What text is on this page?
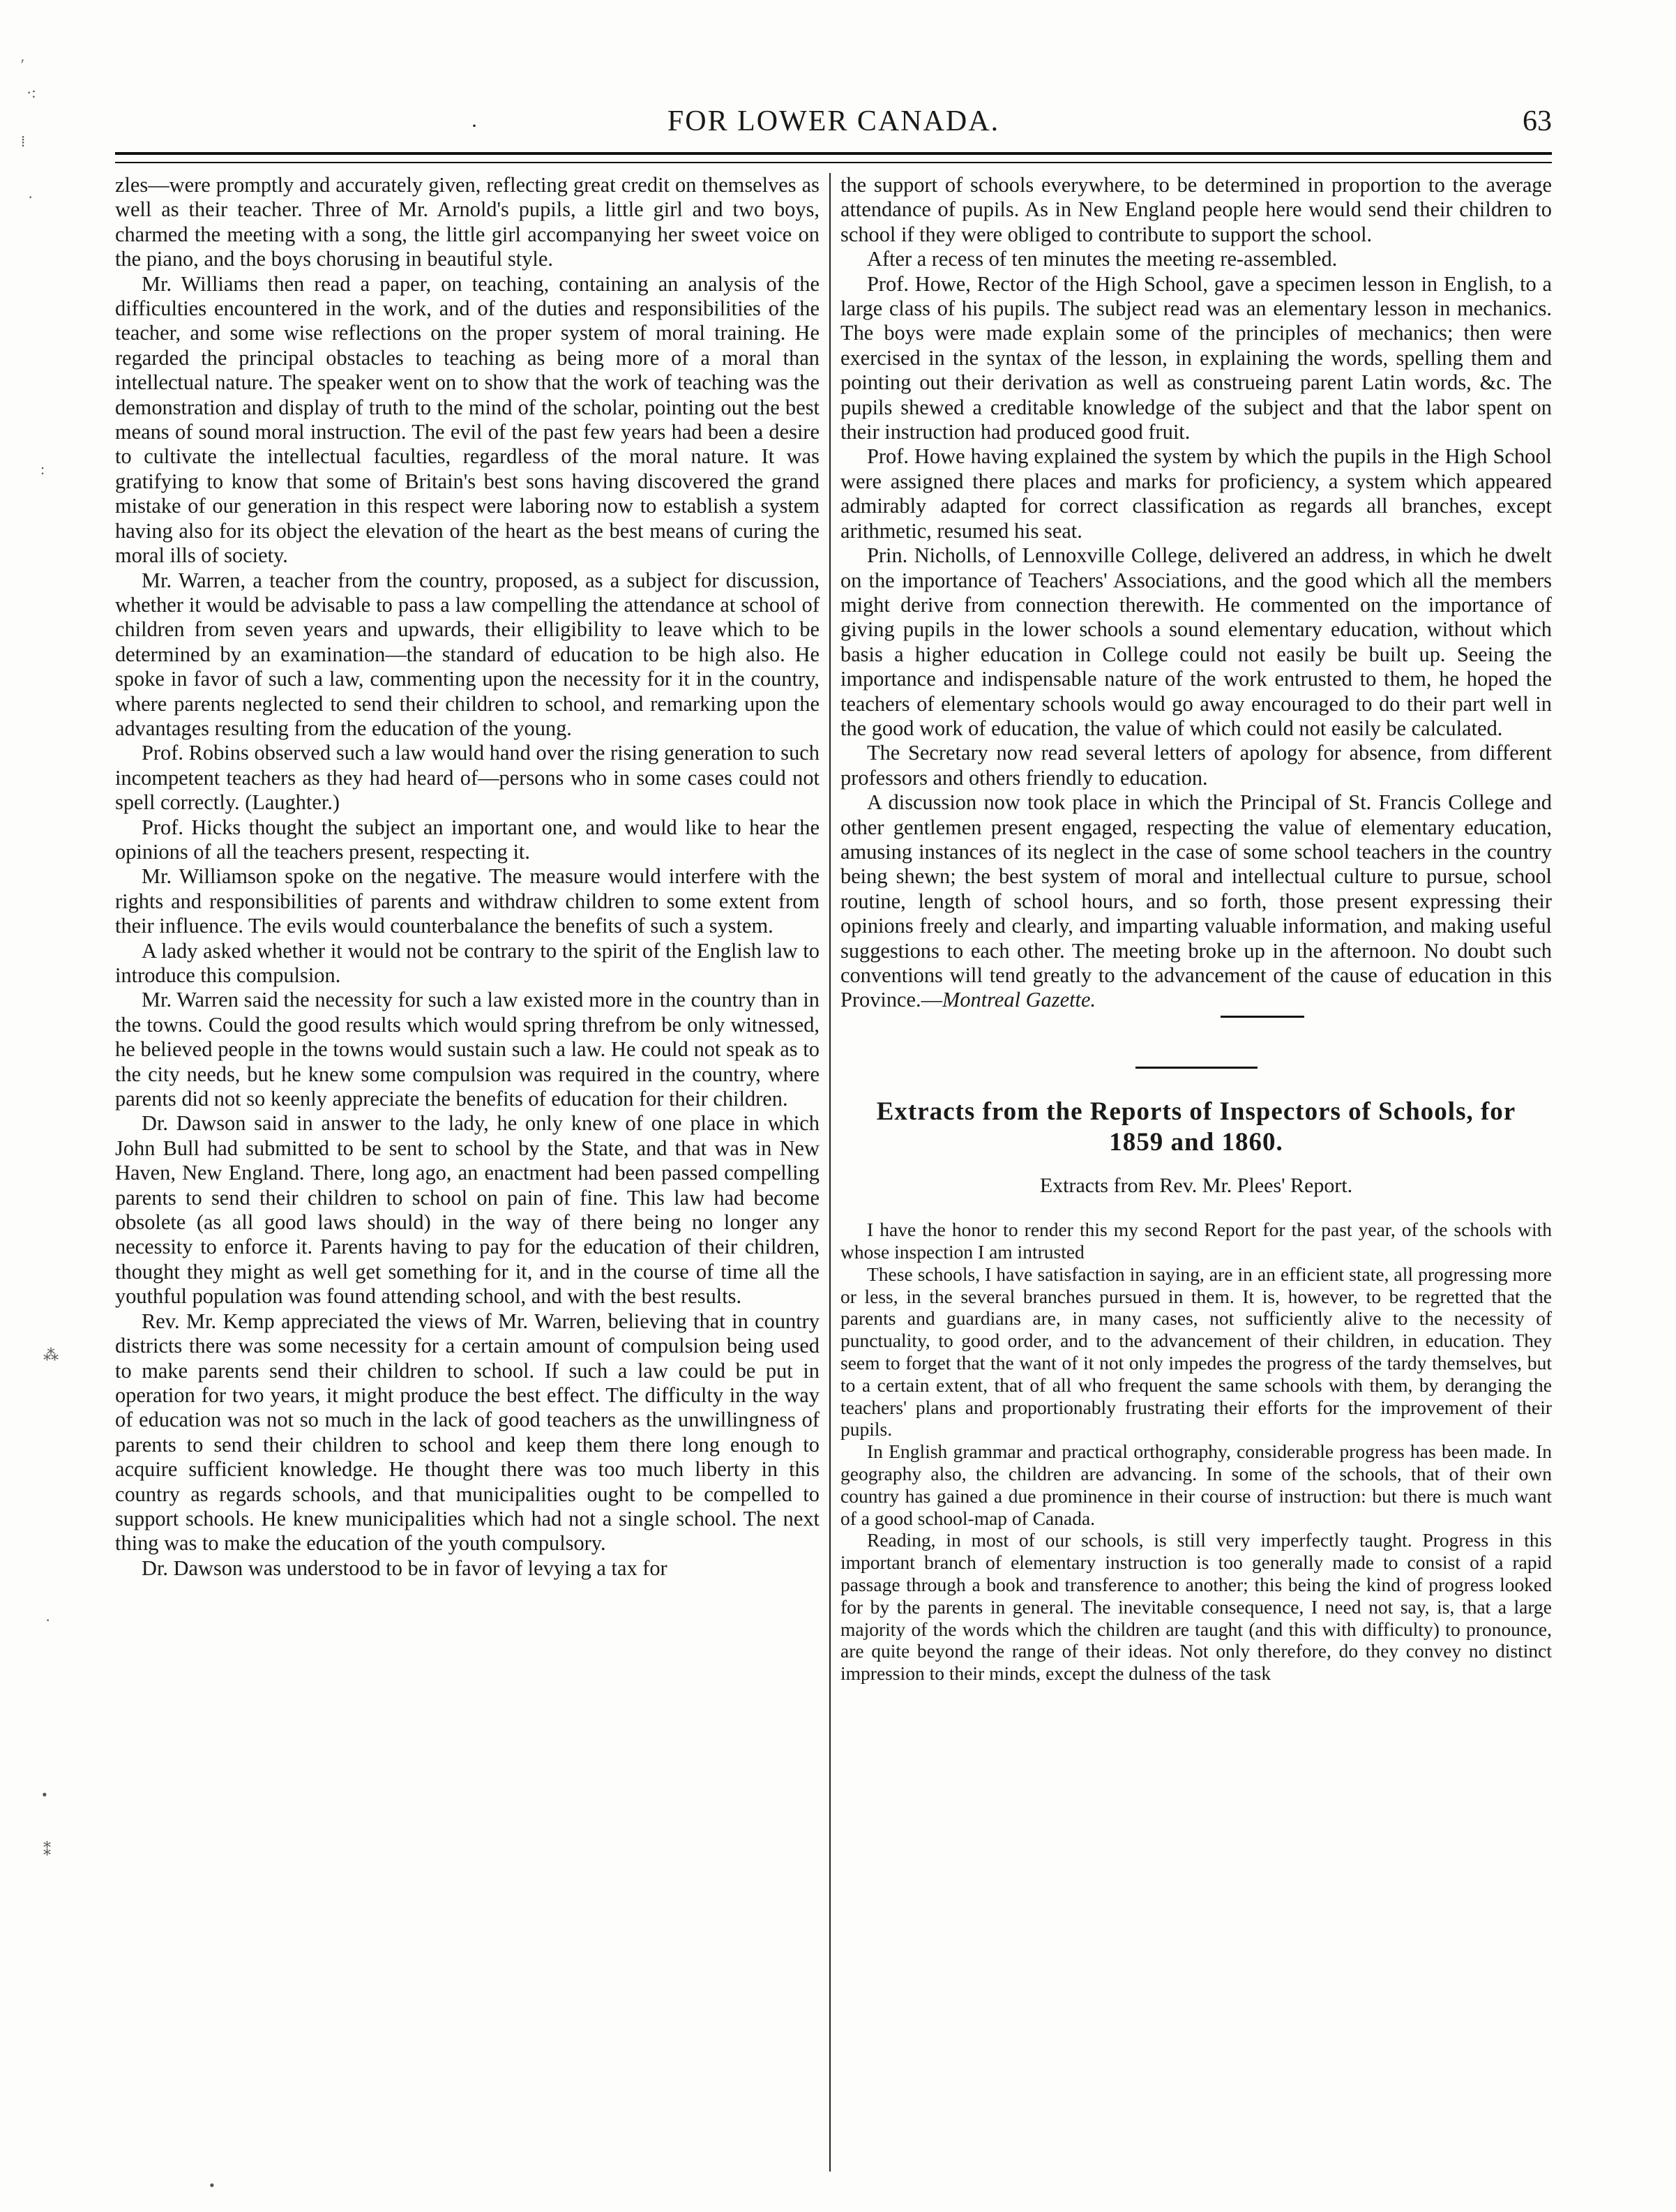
ʹ
·:
⁞
·
:
⁂
·
•
⁑
•
·	FOR LOWER CANADA.	63

zles—were promptly and accurately given, reflecting great credit on themselves as well as their teacher. Three of Mr. Arnold's pupils, a little girl and two boys, charmed the meeting with a song, the little girl accompanying her sweet voice on the piano, and the boys chorusing in beautiful style.

Mr. Williams then read a paper, on teaching, containing an analysis of the difficulties encountered in the work, and of the duties and responsibilities of the teacher, and some wise reflections on the proper system of moral training. He regarded the principal obstacles to teaching as being more of a moral than intellectual nature. The speaker went on to show that the work of teaching was the demonstration and display of truth to the mind of the scholar, pointing out the best means of sound moral instruction. The evil of the past few years had been a desire to cultivate the intellectual faculties, regardless of the moral nature. It was gratifying to know that some of Britain's best sons having discovered the grand mistake of our generation in this respect were laboring now to establish a system having also for its object the elevation of the heart as the best means of curing the moral ills of society.

Mr. Warren, a teacher from the country, proposed, as a subject for discussion, whether it would be advisable to pass a law compelling the attendance at school of children from seven years and upwards, their elligibility to leave which to be determined by an examination—the standard of education to be high also. He spoke in favor of such a law, commenting upon the necessity for it in the country, where parents neglected to send their children to school, and remarking upon the advantages resulting from the education of the young.

Prof. Robins observed such a law would hand over the rising generation to such incompetent teachers as they had heard of—persons who in some cases could not spell correctly. (Laughter.)

Prof. Hicks thought the subject an important one, and would like to hear the opinions of all the teachers present, respecting it.

Mr. Williamson spoke on the negative. The measure would interfere with the rights and responsibilities of parents and withdraw children to some extent from their influence. The evils would counterbalance the benefits of such a system.

A lady asked whether it would not be contrary to the spirit of the English law to introduce this compulsion.

Mr. Warren said the necessity for such a law existed more in the country than in the towns. Could the good results which would spring threfrom be only witnessed, he believed people in the towns would sustain such a law. He could not speak as to the city needs, but he knew some compulsion was required in the country, where parents did not so keenly appreciate the benefits of education for their children.

Dr. Dawson said in answer to the lady, he only knew of one place in which John Bull had submitted to be sent to school by the State, and that was in New Haven, New England. There, long ago, an enactment had been passed compelling parents to send their children to school on pain of fine. This law had become obsolete (as all good laws should) in the way of there being no longer any necessity to enforce it. Parents having to pay for the education of their children, thought they might as well get something for it, and in the course of time all the youthful population was found attending school, and with the best results.

Rev. Mr. Kemp appreciated the views of Mr. Warren, believing that in country districts there was some necessity for a certain amount of compulsion being used to make parents send their children to school. If such a law could be put in operation for two years, it might produce the best effect. The difficulty in the way of education was not so much in the lack of good teachers as the unwillingness of parents to send their children to school and keep them there long enough to acquire sufficient knowledge. He thought there was too much liberty in this country as regards schools, and that municipalities ought to be compelled to support schools. He knew municipalities which had not a single school. The next thing was to make the education of the youth compulsory.

Dr. Dawson was understood to be in favor of levying a tax for

the support of schools everywhere, to be determined in proportion to the average attendance of pupils. As in New England people here would send their children to school if they were obliged to contribute to support the school.

After a recess of ten minutes the meeting re-assembled.

Prof. Howe, Rector of the High School, gave a specimen lesson in English, to a large class of his pupils. The subject read was an elementary lesson in mechanics. The boys were made explain some of the principles of mechanics; then were exercised in the syntax of the lesson, in explaining the words, spelling them and pointing out their derivation as well as construeing parent Latin words, &c. The pupils shewed a creditable knowledge of the subject and that the labor spent on their instruction had produced good fruit.

Prof. Howe having explained the system by which the pupils in the High School were assigned there places and marks for proficiency, a system which appeared admirably adapted for correct classification as regards all branches, except arithmetic, resumed his seat.

Prin. Nicholls, of Lennoxville College, delivered an address, in which he dwelt on the importance of Teachers' Associations, and the good which all the members might derive from connection therewith. He commented on the importance of giving pupils in the lower schools a sound elementary education, without which basis a higher education in College could not easily be built up. Seeing the importance and indispensable nature of the work entrusted to them, he hoped the teachers of elementary schools would go away encouraged to do their part well in the good work of education, the value of which could not easily be calculated.

The Secretary now read several letters of apology for absence, from different professors and others friendly to education.

A discussion now took place in which the Principal of St. Francis College and other gentlemen present engaged, respecting the value of elementary education, amusing instances of its neglect in the case of some school teachers in the country being shewn; the best system of moral and intellectual culture to pursue, school routine, length of school hours, and so forth, those present expressing their opinions freely and clearly, and imparting valuable information, and making useful suggestions to each other. The meeting broke up in the afternoon. No doubt such conventions will tend greatly to the advancement of the cause of education in this Province.—Montreal Gazette.

Extracts from the Reports of Inspectors of Schools, for 1859 and 1860.
Extracts from Rev. Mr. Plees' Report.

I have the honor to render this my second Report for the past year, of the schools with whose inspection I am intrusted

These schools, I have satisfaction in saying, are in an efficient state, all progressing more or less, in the several branches pursued in them. It is, however, to be regretted that the parents and guardians are, in many cases, not sufficiently alive to the necessity of punctuality, to good order, and to the advancement of their children, in education. They seem to forget that the want of it not only impedes the progress of the tardy themselves, but to a certain extent, that of all who frequent the same schools with them, by deranging the teachers' plans and proportionably frustrating their efforts for the improvement of their pupils.

In English grammar and practical orthography, considerable progress has been made. In geography also, the children are advancing. In some of the schools, that of their own country has gained a due prominence in their course of instruction: but there is much want of a good school-map of Canada.

Reading, in most of our schools, is still very imperfectly taught. Progress in this important branch of elementary instruction is too generally made to consist of a rapid passage through a book and transference to another; this being the kind of progress looked for by the parents in general. The inevitable consequence, I need not say, is, that a large majority of the words which the children are taught (and this with difficulty) to pronounce, are quite beyond the range of their ideas. Not only therefore, do they convey no distinct impression to their minds, except the dulness of the task
